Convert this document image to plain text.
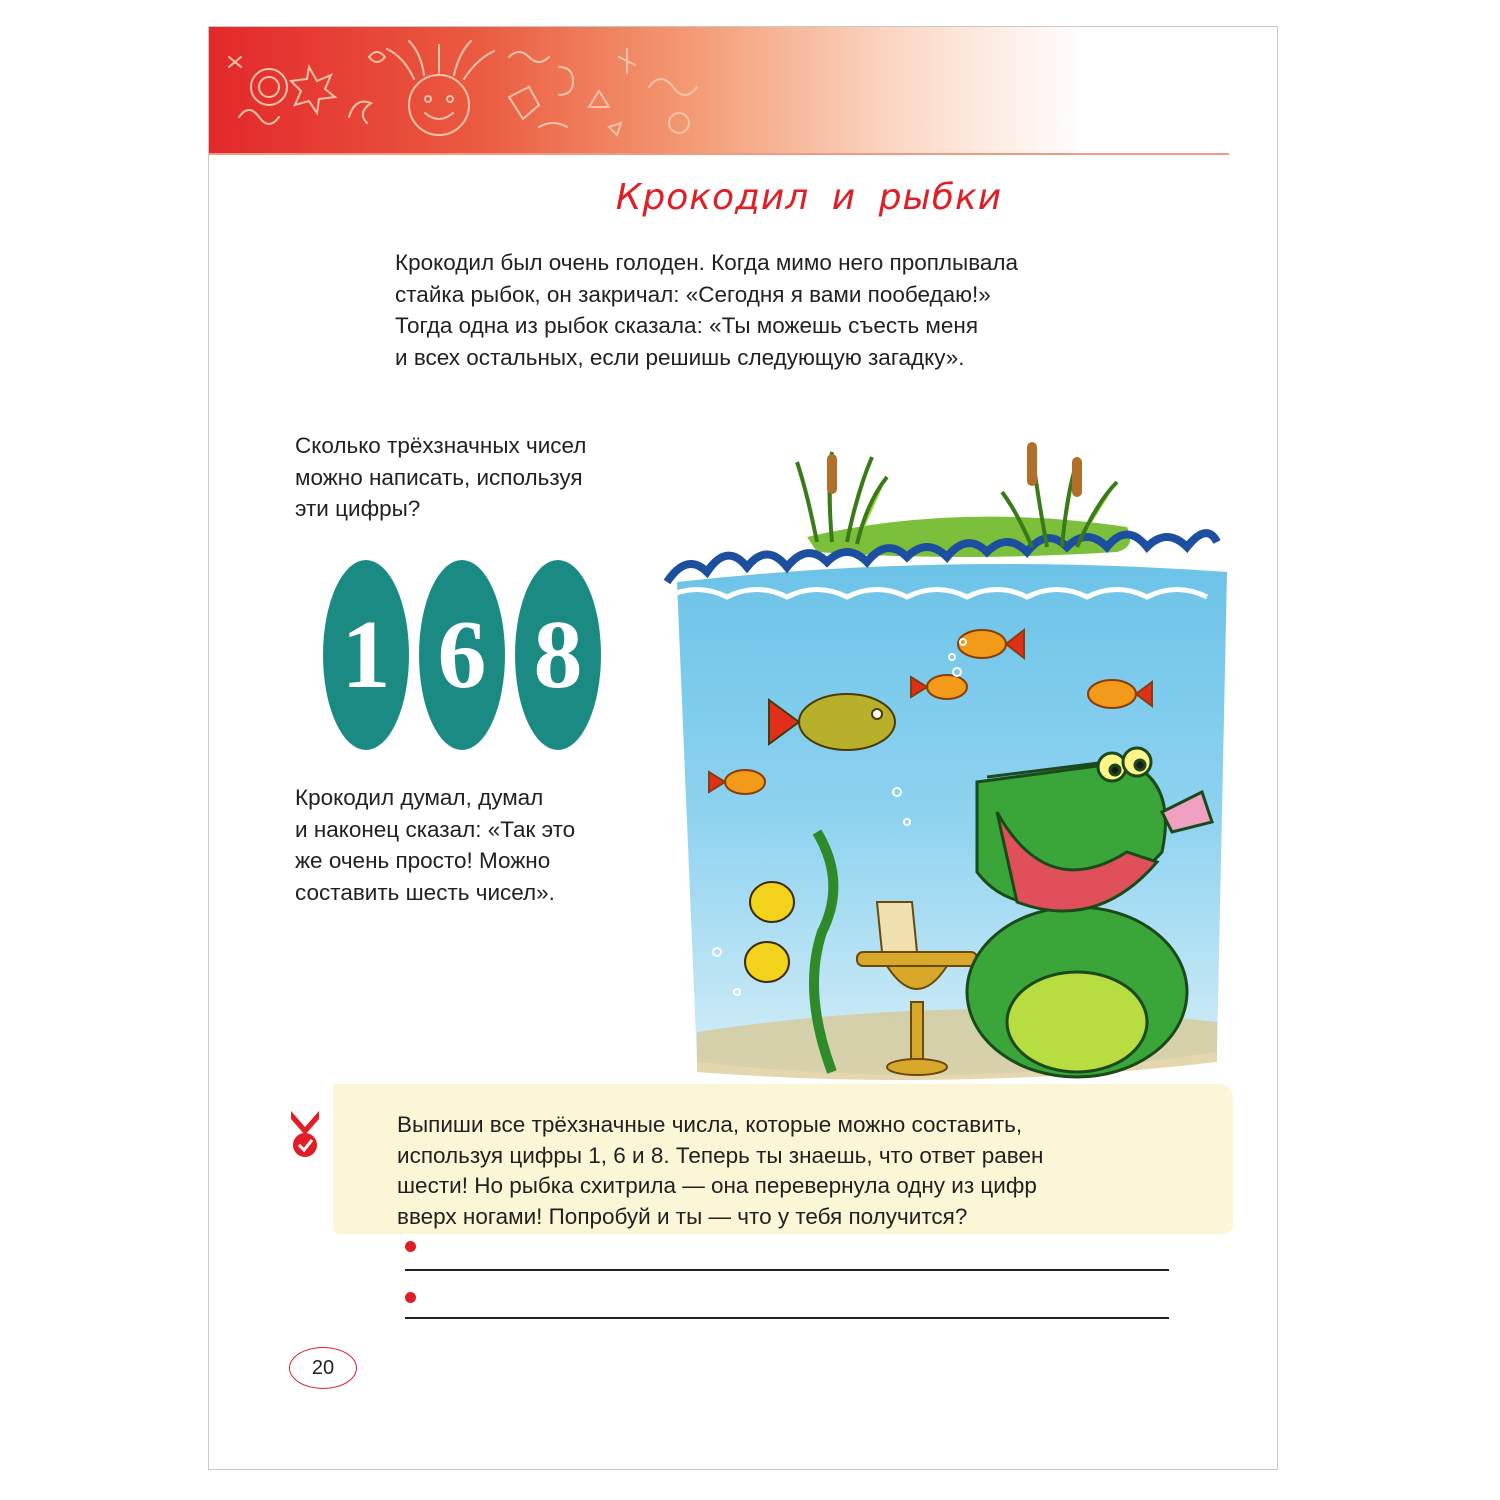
Крокодил и рыбки
Крокодил был очень голоден. Когда мимо него проплывала
стайка рыбок, он закричал: «Сегодня я вами пообедаю!»
Тогда одна из рыбок сказала: «Ты можешь съесть меня
и всех остальных, если решишь следующую загадку».
Сколько трёхзначных чисел
можно написать, используя
эти цифры?
1 6 8
Крокодил думал, думал
и наконец сказал: «Так это
же очень просто! Можно
составить шесть чисел».
Выпиши все трёхзначные числа, которые можно составить,
используя цифры 1, 6 и 8. Теперь ты знаешь, что ответ равен
шести! Но рыбка схитрила — она перевернула одну из цифр
вверх ногами! Попробуй и ты — что у тебя получится?
20
